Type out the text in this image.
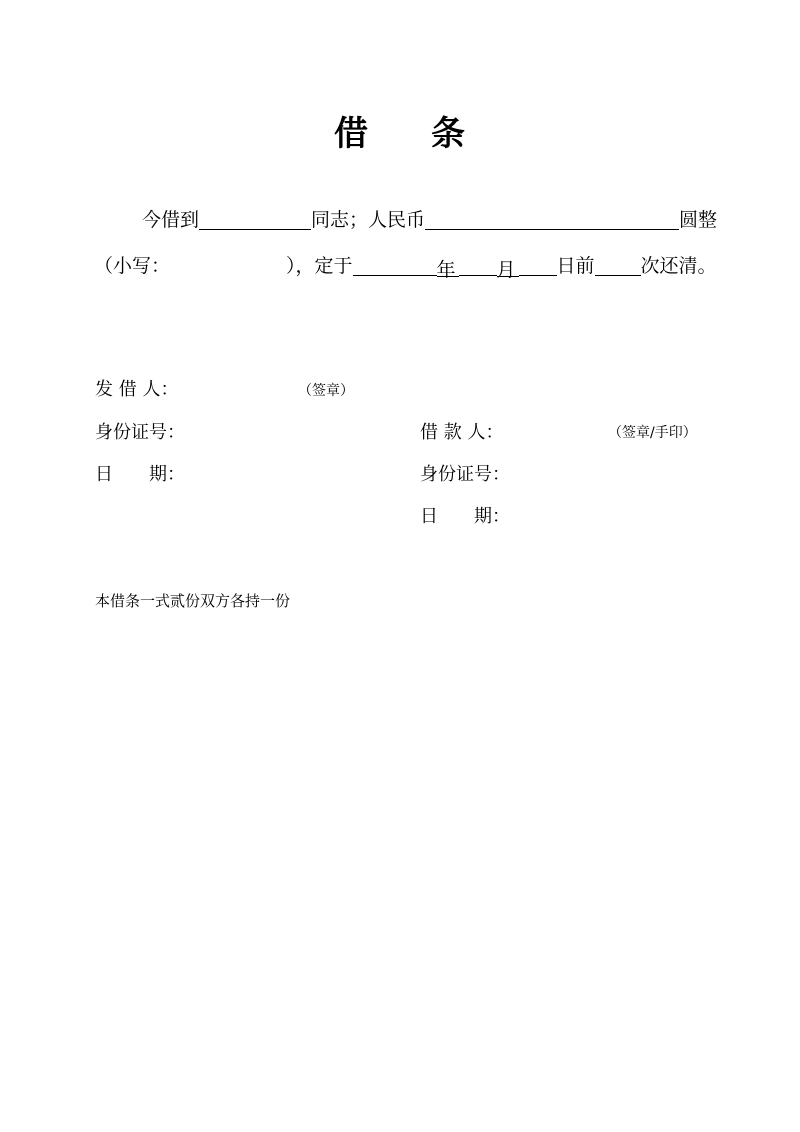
借 条
今借到	同志；人民币	圆整
（小写：	），定于	年 月 日前 次还清。
发 借 人：	（签章）
身份证号：
日　　期：
借 款 人：	（签章/手印）
身份证号：
日　　期：
本借条一式贰份双方各持一份
